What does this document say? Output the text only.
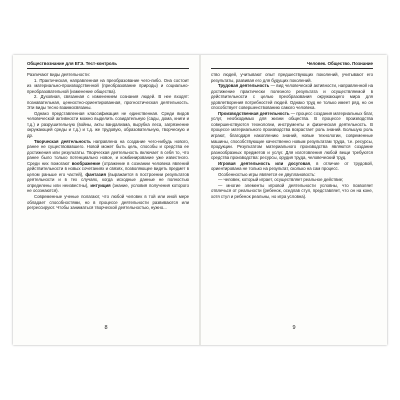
Обществознание для ЕГЭ. Тест-контроль

Различают виды деятельности:

1. Практическая, направленная на преобразование чего-либо. Она состоит из материально-производственной (преобразование природы) и социально-преобразовательной (изменение общества).

2. Духовная, связанная с изменением сознания людей. В нее входят: познавательная, ценностно-ориентированная, прогностическая деятельность. Эти виды тесно взаимосвязаны.

Однако представленная классификация не единственная. Среди видов человеческой активности можно выделить созидательную (сады, дома, книги и т.д.) и разрушительную (войны, акты вандализма, вырубка леса, загрязнение окружающей среды и т.д.) и т.д. же трудовую, образовательную, творческую и др.

Творческая деятельность направлена на создание чего-нибудь нового, ранее не существовавшего. Новой может быть цель, способы и средства ее достижения или результаты. Творческая деятельность включает в себя то, что ранее было только потенциально новое, и комбинирование уже известного. Среди них помогают воображение (отражение в сознании человека явлений действительности в новых сочетаниях и связях, позволяющее видеть предмет в целом раньше его частей), фантазия (выражается в построении результатов деятельности и в тех случаях, когда исходные данные не полностью определены или неизвестны), интуиция (знание, условия получения которого не осознаются).

Современные ученые полагают, что любой человек в той или иной мере обладает способностями, но в процессе деятельности развиваются или регрессируют. Чтобы заниматься творческой деятельностью, нужно...

8
Человек. Общество. Познание

ство людей, учитывают опыт предшествующих поколений, учитывают его результаты, развивая его для будущих поколений.

Трудовая деятельность — вид человеческой активности, направленной на достижение практически полезного результата и осуществляемой в действительности с целью преобразования окружающего мира для удовлетворения потребностей людей. Однако труд не только имеет ряд, но он способствует совершенствованию самого человека.

Производственная деятельность — процесс создания материальных благ, услуг, необходимых для жизни общества. В процессе производства совершенствуются технологии, инструменты и физическая деятельность. В процессе материального производства возрастает роль знаний. Большую роль играют, благодаря накоплению знаний, новые технологии, современные машины, способствующие качественно новым результатам труда, т.е. ресурсы, продукции. Результатом материального производства являются создание разнообразных предметов и услуг. Для изготовления любой вещи требуются средства производства: ресурсы, орудия труда, человеческий труд.

Игровая деятельность или досуговая, в отличие от трудовой, ориентирована не только на результат, сколько на сам процесс.

Особенностью игры является ее двуплановость:

— человек, который играет, осуществляет реальное действие;

— многие элементы игровой деятельности условны, что позволяет отвлечься от реальности (ребенок, оседлав стул, представляет, что он на коне, хотя стул и ребенок реальны, но игра условна).

9
